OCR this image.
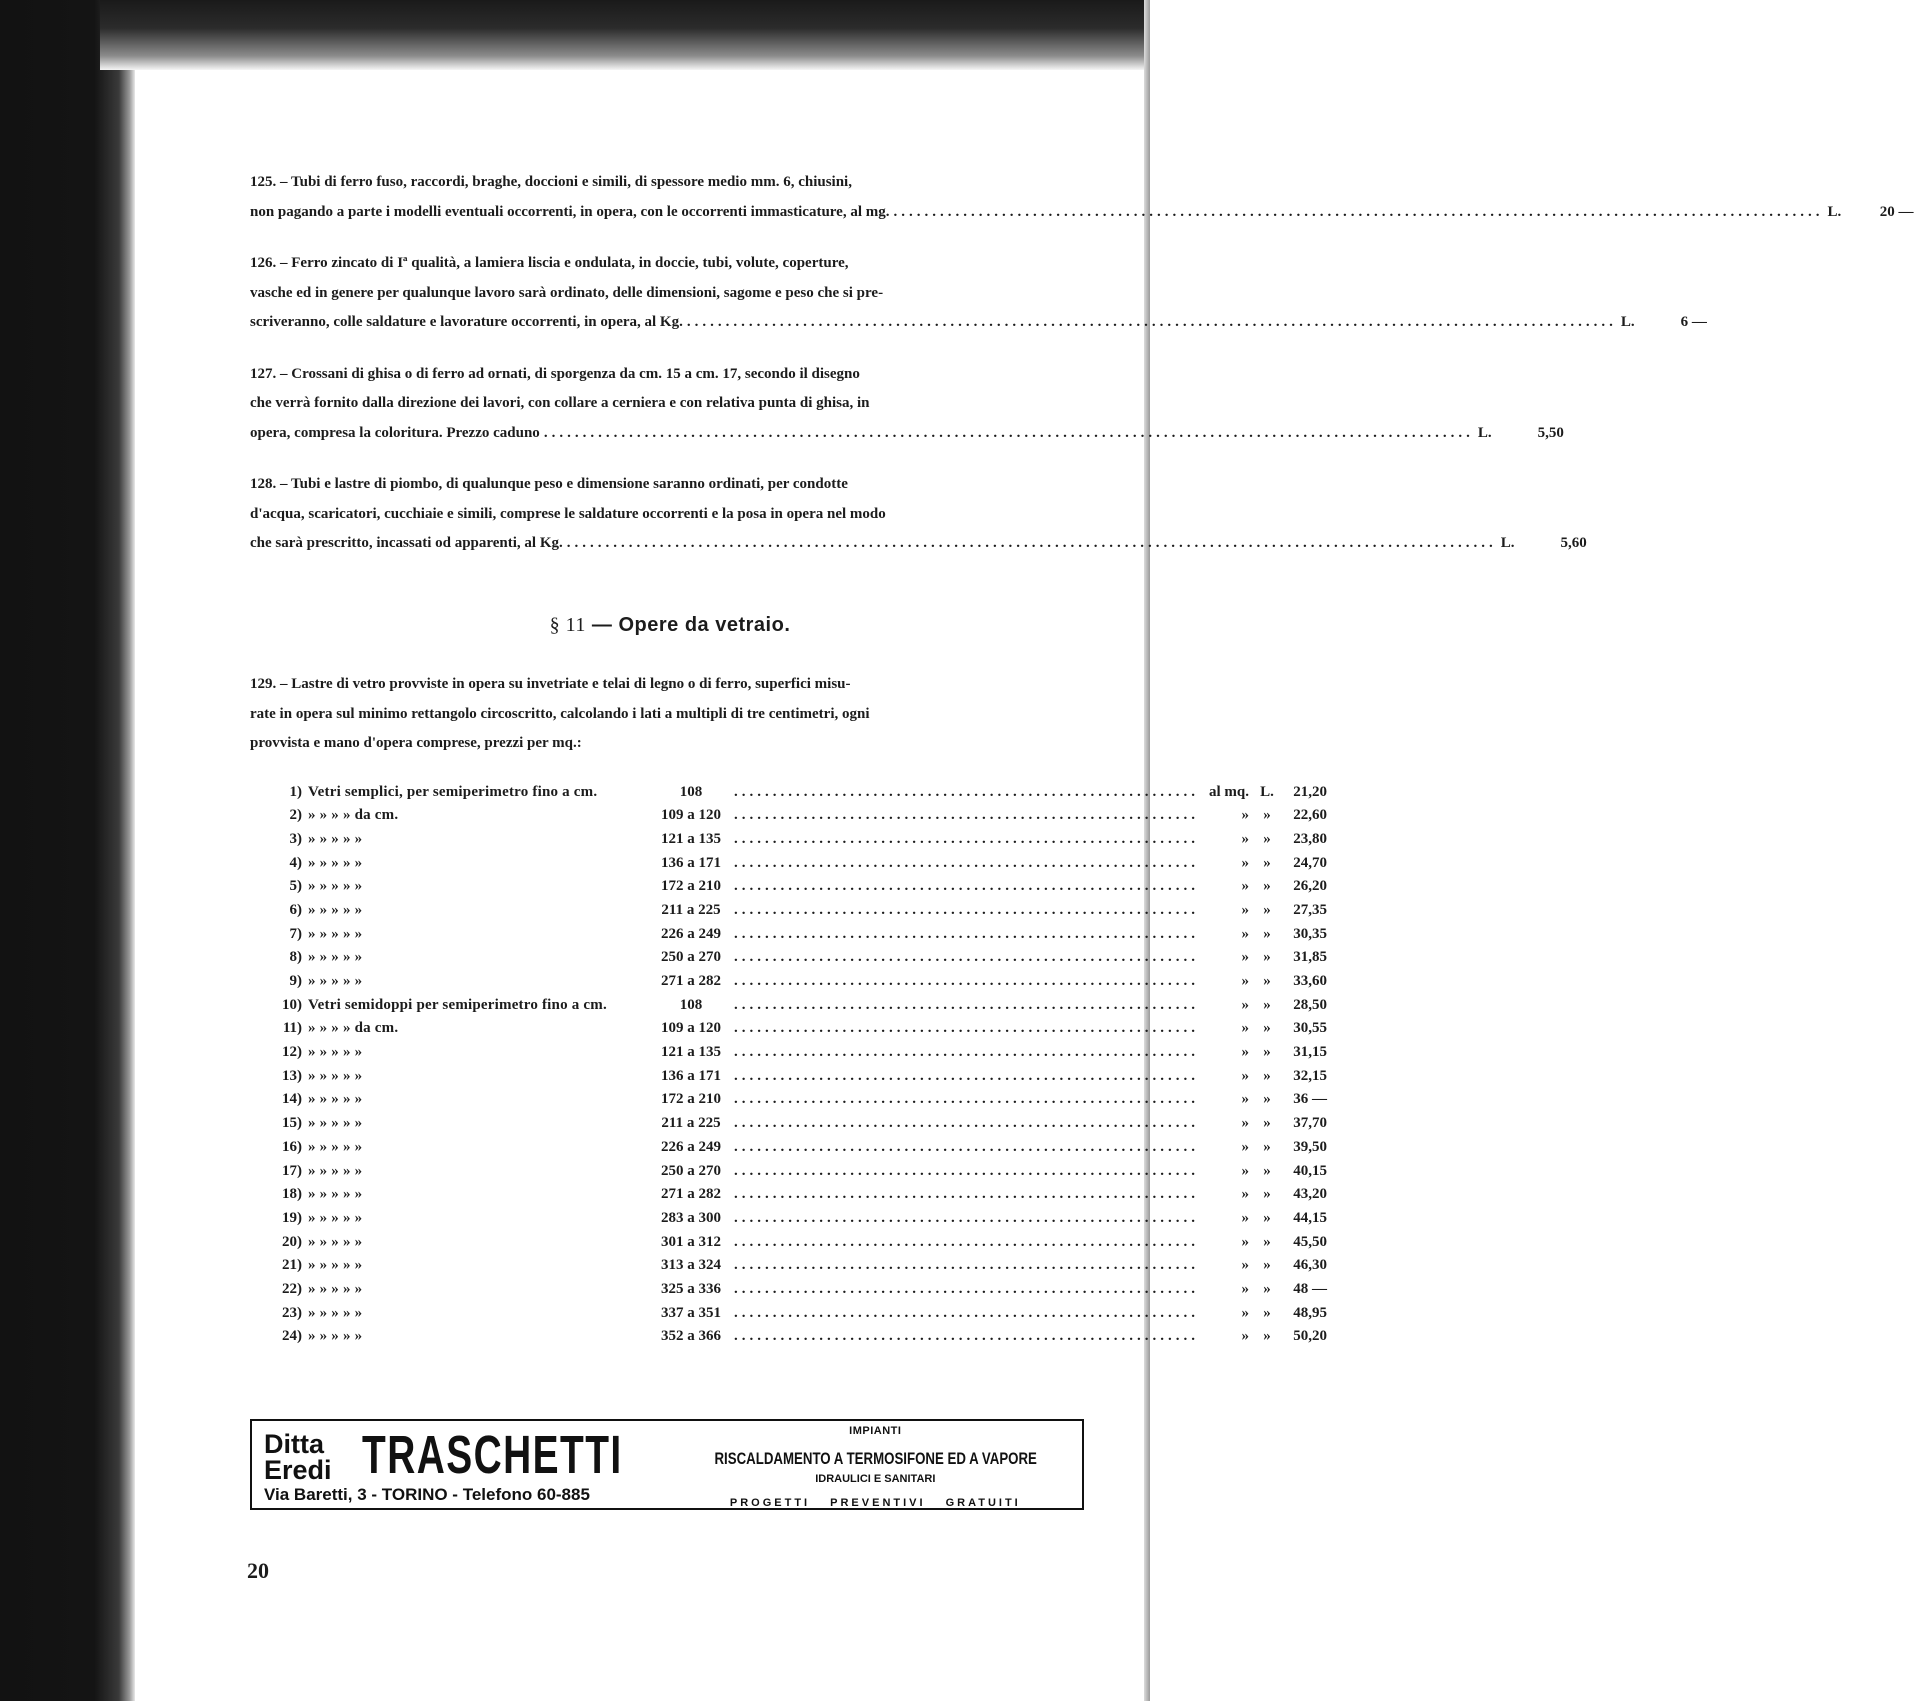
125. – Tubi di ferro fuso, raccordi, braghe, doccioni e simili, di spessore medio mm. 6, chiusini,
non pagando a parte i modelli eventuali occorrenti, in opera, con le occorrenti immasticature, al mg. ........................................................................................................................ L.	20 —
126. – Ferro zincato di Iª qualità, a lamiera liscia e ondulata, in doccie, tubi, volute, coperture,
vasche ed in genere per qualunque lavoro sarà ordinato, delle dimensioni, sagome e peso che si pre-
scriveranno, colle saldature e lavorature occorrenti, in opera, al Kg. ........................................................................................................................ L.	6 —
127. – Crossani di ghisa o di ferro ad ornati, di sporgenza da cm. 15 a cm. 17, secondo il disegno
che verrà fornito dalla direzione dei lavori, con collare a cerniera e con relativa punta di ghisa, in
opera, compresa la coloritura. Prezzo caduno ........................................................................................................................ L.	5,50
128. – Tubi e lastre di piombo, di qualunque peso e dimensione saranno ordinati, per condotte
d'acqua, scaricatori, cucchiaie e simili, comprese le saldature occorrenti e la posa in opera nel modo
che sarà prescritto, incassati od apparenti, al Kg. ........................................................................................................................ L.	5,60
§ 11 — Opere da vetraio.
129. – Lastre di vetro provviste in opera su invetriate e telai di legno o di ferro, superfici misu-
rate in opera sul minimo rettangolo circoscritto, calcolando i lati a multipli di tre centimetri, ogni
provvista e mano d'opera comprese, prezzi per mq.:
1) Vetri semplici, per semiperimetro fino a cm.	108	............................................................ al mq. L.	21,20
2) » » » » da cm.	109 a 120 ............................................................	» »	22,60
3) » » » » »	121 a 135 ............................................................	» »	23,80
4) » » » » »	136 a 171 ............................................................	» »	24,70
5) » » » » »	172 a 210 ............................................................	» »	26,20
6) » » » » »	211 a 225 ............................................................	» »	27,35
7) » » » » »	226 a 249 ............................................................	» »	30,35
8) » » » » »	250 a 270 ............................................................	» »	31,85
9) » » » » »	271 a 282 ............................................................	» »	33,60
10) Vetri semidoppi per semiperimetro fino a cm.	108	............................................................	» »	28,50
11) » » » » da cm.	109 a 120 ............................................................	» »	30,55
12) » » » » »	121 a 135 ............................................................	» »	31,15
13) » » » » »	136 a 171 ............................................................	» »	32,15
14) » » » » »	172 a 210 ............................................................	» »	36 —
15) » » » » »	211 a 225 ............................................................	» »	37,70
16) » » » » »	226 a 249 ............................................................	» »	39,50
17) » » » » »	250 a 270 ............................................................	» »	40,15
18) » » » » »	271 a 282 ............................................................	» »	43,20
19) » » » » »	283 a 300 ............................................................	» »	44,15
20) » » » » »	301 a 312 ............................................................	» »	45,50
21) » » » » »	313 a 324 ............................................................	» »	46,30
22) » » » » »	325 a 336 ............................................................	» »	48 —
23) » » » » »	337 a 351 ............................................................	» »	48,95
24) » » » » »	352 a 366 ............................................................	» »	50,20
Ditta
Eredi TRASCHETTI
Via Baretti, 3 - TORINO - Telefono 60-885
IMPIANTI
RISCALDAMENTO A TERMOSIFONE ED A VAPORE
IDRAULICI E SANITARI
PROGETTI PREVENTIVI GRATUITI
20
